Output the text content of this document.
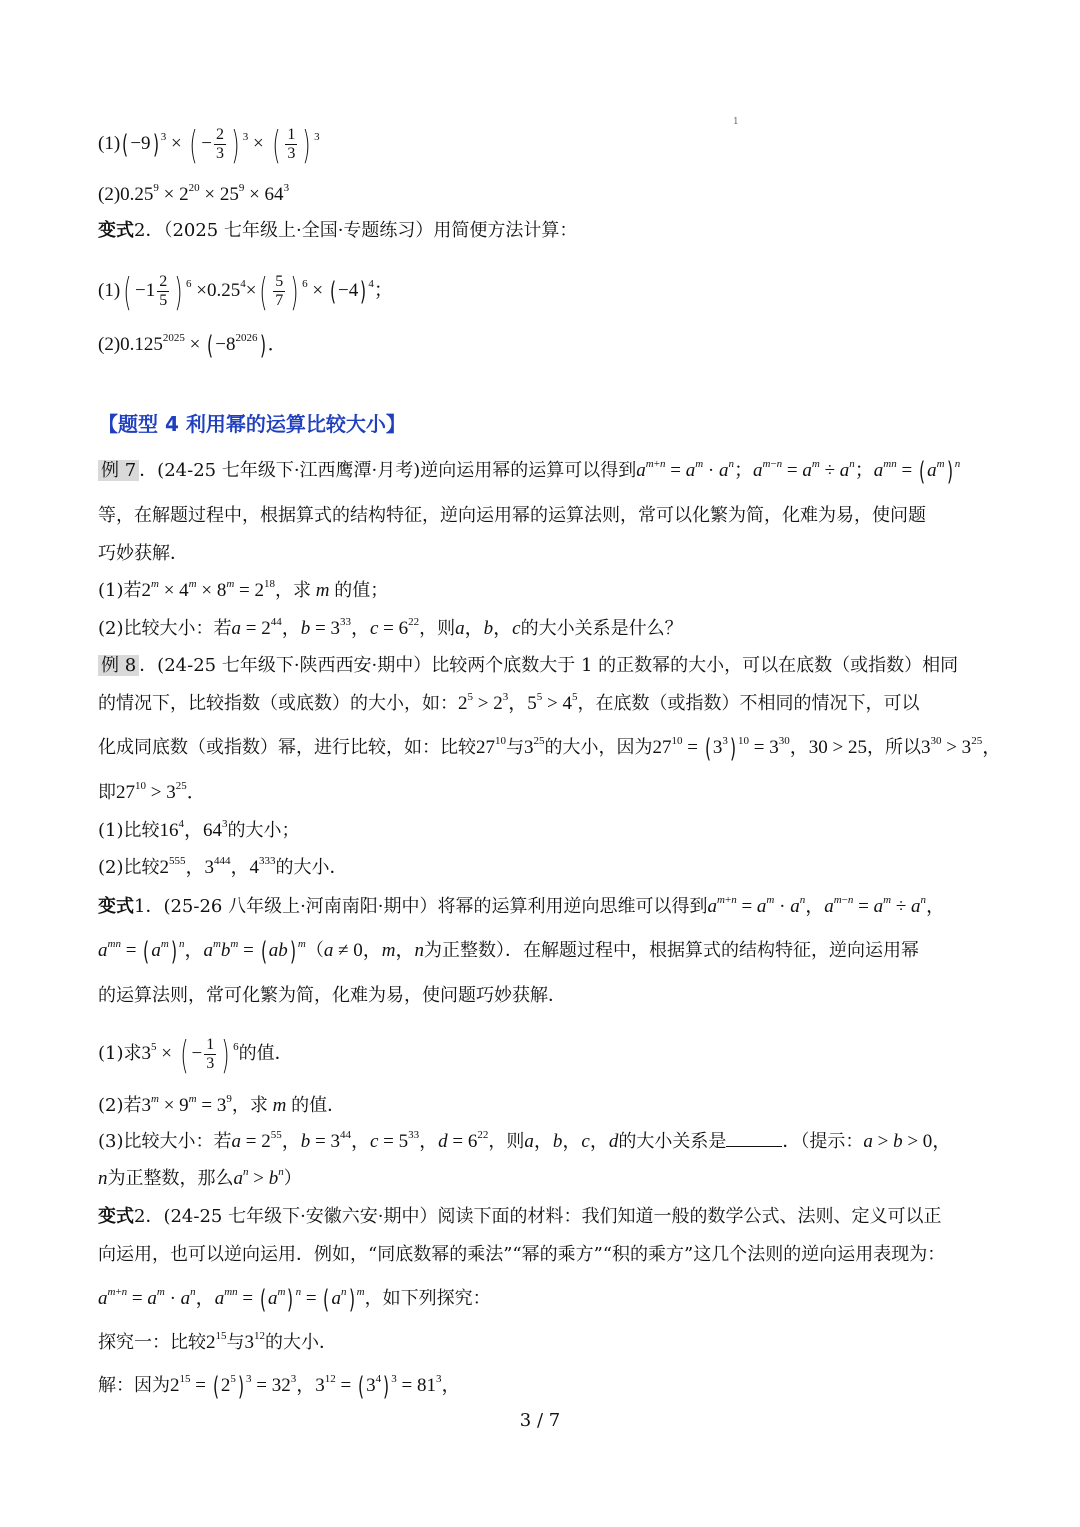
1
(1)( −9) $^3$ × ( − $\frac{2}{3}$ ) $^3$ × ( $\frac{1}{3}$ ) $^3$
$(2)0.25^9 \times 2^{20} \times 25^9 \times 64^3$
变式2．（2025 七年级上·全国·专题练习）用简便方法计算：
$(1)( -1 \frac{2}{5}$ ) $^6 \times 0.25^4\times( \frac{5}{7}$ ) $^6$ × ( −4) $^4$；
$(2)0.125^{2025}$ × ( $-8^{2026}$) ．
【题型 4 利用幂的运算比较大小】
例 7 ．(24-25 七年级下·江西鹰潭·月考)逆向运用幂的运算可以得到$a^{m+n} = a^m \cdot a^n$；$a^{m-n} = a^m \div a^n$；$a^{mn}$ = ( $a^m$) $^n$
等，在解题过程中，根据算式的结构特征，逆向运用幂的运算法则，常可以化繁为简，化难为易，使问题
巧妙获解．
(1)若$2^m \times 4^m \times 8^m = 2^{18}$，求 m 的值；
(2)比较大小：若$a = 2^{44}$，$b = 3^{33}$，$c = 6^{22}$，则a，b，c的大小关系是什么？
例 8 ．(24-25 七年级下·陕西西安·期中）比较两个底数大于 1 的正数幂的大小，可以在底数（或指数）相同
的情况下，比较指数（或底数）的大小，如：$2^5 > 2^3$，$5^5 > 4^5$，在底数（或指数）不相同的情况下，可以
化成同底数（或指数）幂，进行比较，如：比较$27^{10}$与$3^{25}$的大小，因为$27^{10}$ = ( $3^3$) $^{10} = 3^{30}$，30 > 25，所以$3^{30} > 3^{25}$，
即$27^{10} > 3^{25}$．
(1)比较$16^4$，$64^3$的大小；
(2)比较$2^{555}$，$3^{444}$，$4^{333}$的大小．
变式1．(25-26 八年级上·河南南阳·期中）将幂的运算利用逆向思维可以得到$a^{m+n} = a^m \cdot a^n$，$a^{m-n} = a^m \div a^n$，
$a^{mn}$ = ( $a^m$) $^n$，$a^mb^m$ = ( ab) $^m$（a ≠ 0，m，n为正整数）．在解题过程中，根据算式的结构特征，逆向运用幂
的运算法则，常可化繁为简，化难为易，使问题巧妙获解．
(1)求$3^5$ × ( − $\frac{1}{3}$ ) $^6$的值．
(2)若$3^m \times 9^m = 3^9$，求 m 的值．
(3)比较大小：若$a = 2^{55}$，$b = 3^{44}$，$c = 5^{33}$，$d = 6^{22}$，则a，b，c，d的大小关系是	．（提示：a > b > 0，
n为正整数，那么$a^n > b^n$）
变式2．(24-25 七年级下·安徽六安·期中）阅读下面的材料：我们知道一般的数学公式、法则、定义可以正
向运用，也可以逆向运用．例如，“同底数幂的乘法”“幂的乘方”“积的乘方”这几个法则的逆向运用表现为：
$a^{m+n} = a^m \cdot a^n$，$a^{mn}$ = ( $a^m$) $^n$ = ( $a^n$) $^m$，如下列探究：
探究一：比较$2^{15}$与$3^{12}$的大小．
解：因为$2^{15}$ = ( $2^5$) $^3 = 32^3$，$3^{12}$ = ( $3^4$) $^3 = 81^3$，
3 / 7
